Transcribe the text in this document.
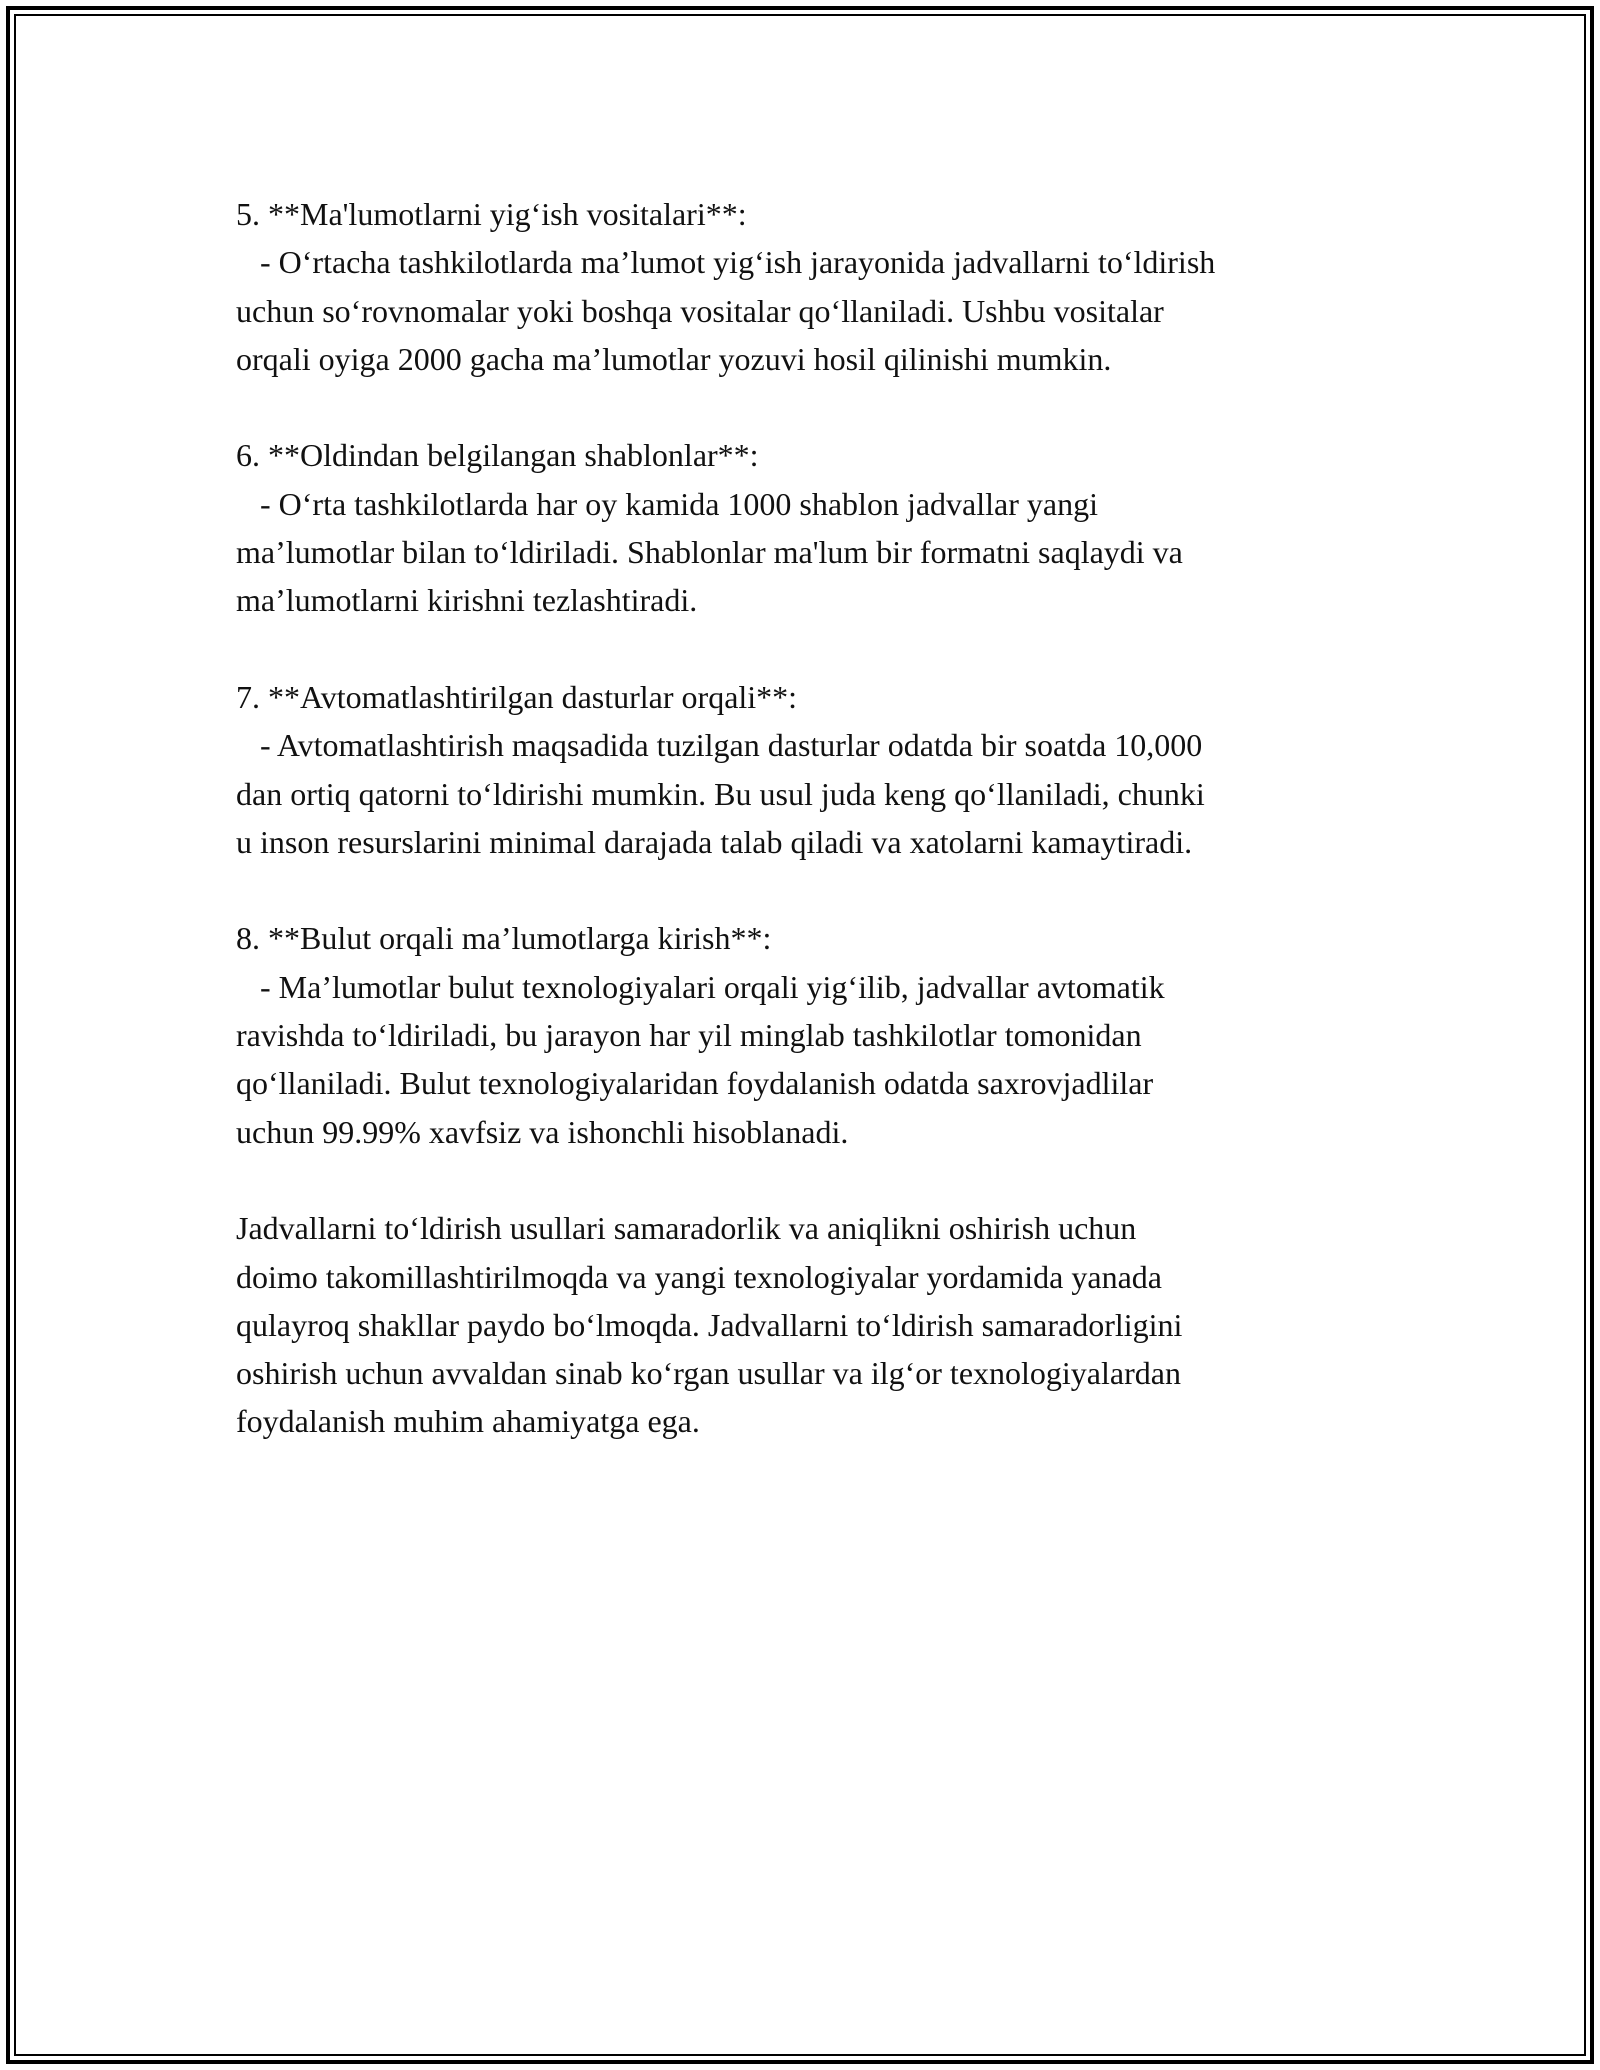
5. **Ma'lumotlarni yig‘ish vositalari**:
- O‘rtacha tashkilotlarda ma’lumot yig‘ish jarayonida jadvallarni to‘ldirish
uchun so‘rovnomalar yoki boshqa vositalar qo‘llaniladi. Ushbu vositalar
orqali oyiga 2000 gacha ma’lumotlar yozuvi hosil qilinishi mumkin.
6. **Oldindan belgilangan shablonlar**:
- O‘rta tashkilotlarda har oy kamida 1000 shablon jadvallar yangi
ma’lumotlar bilan to‘ldiriladi. Shablonlar ma'lum bir formatni saqlaydi va
ma’lumotlarni kirishni tezlashtiradi.
7. **Avtomatlashtirilgan dasturlar orqali**:
- Avtomatlashtirish maqsadida tuzilgan dasturlar odatda bir soatda 10,000
dan ortiq qatorni to‘ldirishi mumkin. Bu usul juda keng qo‘llaniladi, chunki
u inson resurslarini minimal darajada talab qiladi va xatolarni kamaytiradi.
8. **Bulut orqali ma’lumotlarga kirish**:
- Ma’lumotlar bulut texnologiyalari orqali yig‘ilib, jadvallar avtomatik
ravishda to‘ldiriladi, bu jarayon har yil minglab tashkilotlar tomonidan
qo‘llaniladi. Bulut texnologiyalaridan foydalanish odatda saxrovjadlilar
uchun 99.99% xavfsiz va ishonchli hisoblanadi.
Jadvallarni to‘ldirish usullari samaradorlik va aniqlikni oshirish uchun
doimo takomillashtirilmoqda va yangi texnologiyalar yordamida yanada
qulayroq shakllar paydo bo‘lmoqda. Jadvallarni to‘ldirish samaradorligini
oshirish uchun avvaldan sinab ko‘rgan usullar va ilg‘or texnologiyalardan
foydalanish muhim ahamiyatga ega.
